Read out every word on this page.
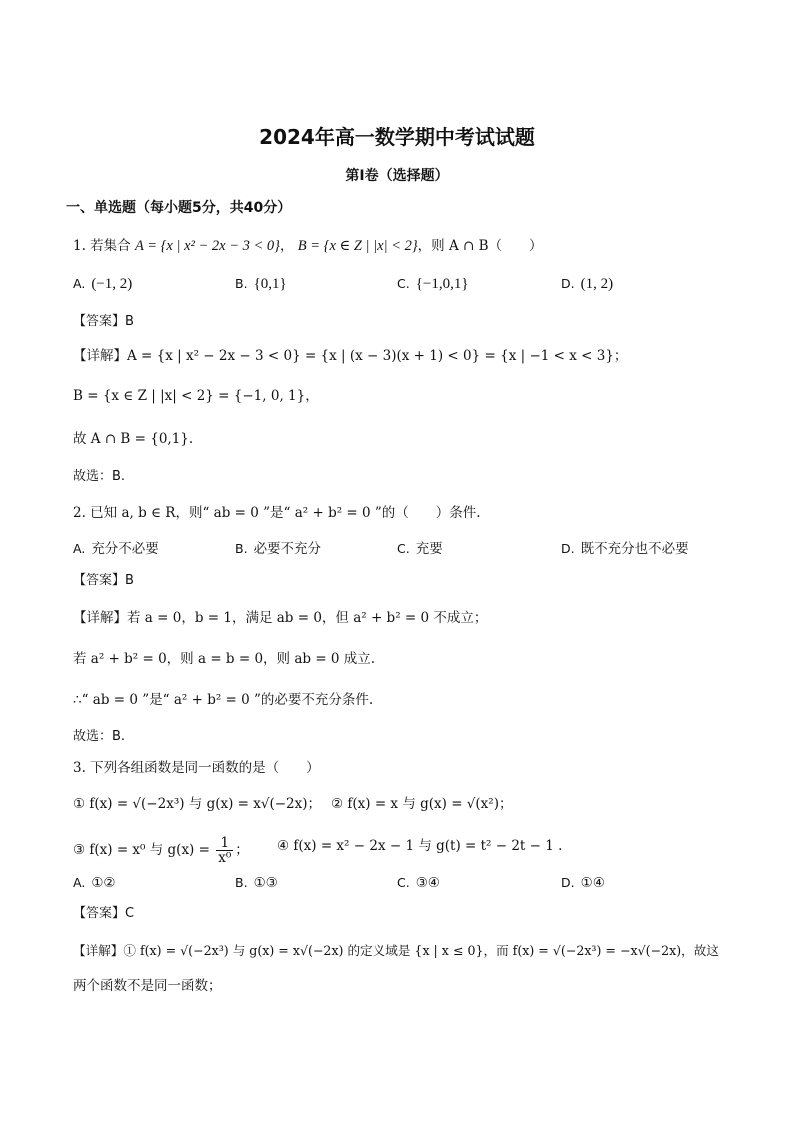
2024年高一数学期中考试试题
第I卷（选择题）
一、单选题（每小题5分，共40分）
1. 若集合 A = {x | x² − 2x − 3 < 0}， B = {x ∈ Z | |x| < 2}，则 A ∩ B（　　）
A. (−1, 2)	B. {0,1}	C. {−1,0,1}	D. (1, 2)
【答案】B
【详解】A = {x | x² − 2x − 3 < 0} = {x | (x − 3)(x + 1) < 0} = {x | −1 < x < 3}；
B = {x ∈ Z | |x| < 2} = {−1, 0, 1}，
故 A ∩ B = {0,1}.
故选：B.
2. 已知 a, b ∈ R，则“ ab = 0 ”是“ a² + b² = 0 ”的（　　）条件.
A. 充分不必要	B. 必要不充分	C. 充要	D. 既不充分也不必要
【答案】B
【详解】若 a = 0，b = 1，满足 ab = 0，但 a² + b² = 0 不成立；
若 a² + b² = 0，则 a = b = 0，则 ab = 0 成立.
∴“ ab = 0 ”是“ a² + b² = 0 ”的必要不充分条件.
故选：B.
3. 下列各组函数是同一函数的是（　　）
① f(x) = √(−2x³) 与 g(x) = x√(−2x)； ② f(x) = x 与 g(x) = √(x²)；
③ f(x) = x⁰ 与 $g(x) = \frac{1}{\text{x⁰}}$ ； ④ f(x) = x² − 2x − 1 与 g(t) = t² − 2t − 1 .
A. ①②	B. ①③	C. ③④	D. ①④
【答案】C
【详解】① f(x) = √(−2x³) 与 g(x) = x√(−2x) 的定义域是 {x | x ≤ 0}，而 f(x) = √(−2x³) = −x√(−2x)，故这
两个函数不是同一函数；
